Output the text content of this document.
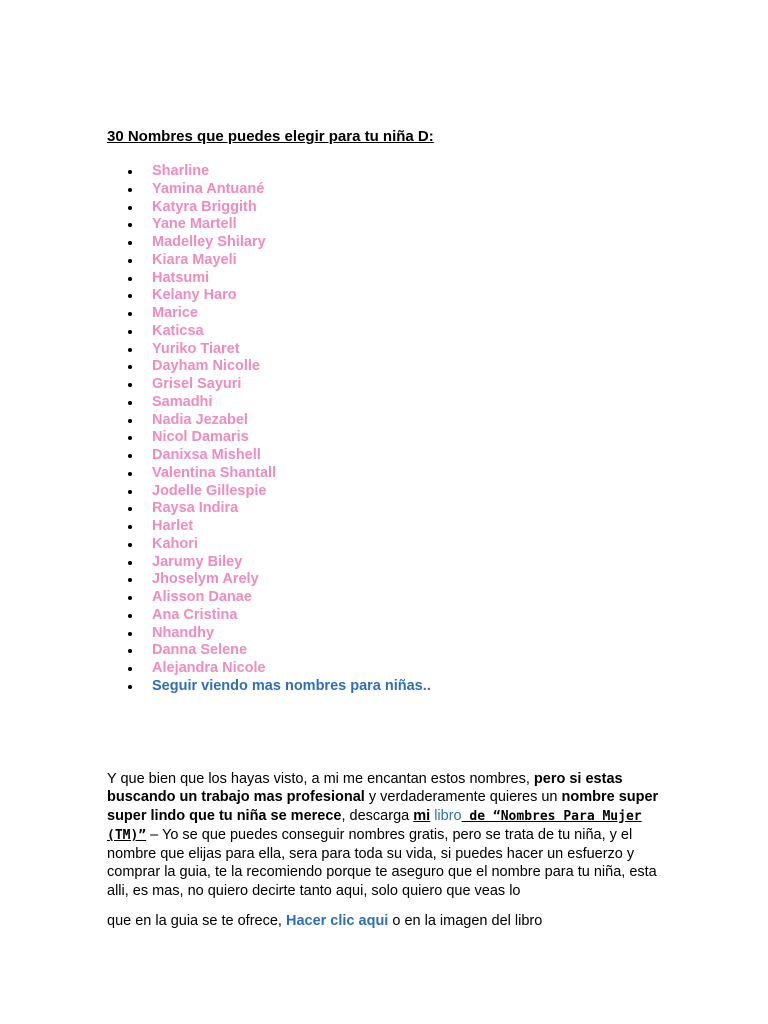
30 Nombres que puedes elegir para tu niña D:
Sharline
Yamina Antuané
Katyra Briggith
Yane Martell
Madelley Shilary
Kiara Mayeli
Hatsumi
Kelany Haro
Marice
Katicsa
Yuriko Tiaret
Dayham Nicolle
Grisel Sayuri
Samadhi
Nadia Jezabel
Nicol Damaris
Danixsa Mishell
Valentina Shantall
Jodelle Gillespie
Raysa Indira
Harlet
Kahori
Jarumy Biley
Jhoselym Arely
Alisson Danae
Ana Cristina
Nhandhy
Danna Selene
Alejandra Nicole
Seguir viendo mas nombres para niñas..

Y que bien que los hayas visto, a mi me encantan estos nombres, pero si estas buscando un trabajo mas profesional y verdaderamente quieres un nombre super super lindo que tu niña se merece, descarga mi libro de “Nombres Para Mujer (TM)” – Yo se que puedes conseguir nombres gratis, pero se trata de tu niña, y el nombre que elijas para ella, sera para toda su vida, si puedes hacer un esfuerzo y comprar la guia, te la recomiendo porque te aseguro que el nombre para tu niña, esta alli, es mas, no quiero decirte tanto aqui, solo quiero que veas lo

que en la guia se te ofrece, Hacer clic aqui o en la imagen del libro
